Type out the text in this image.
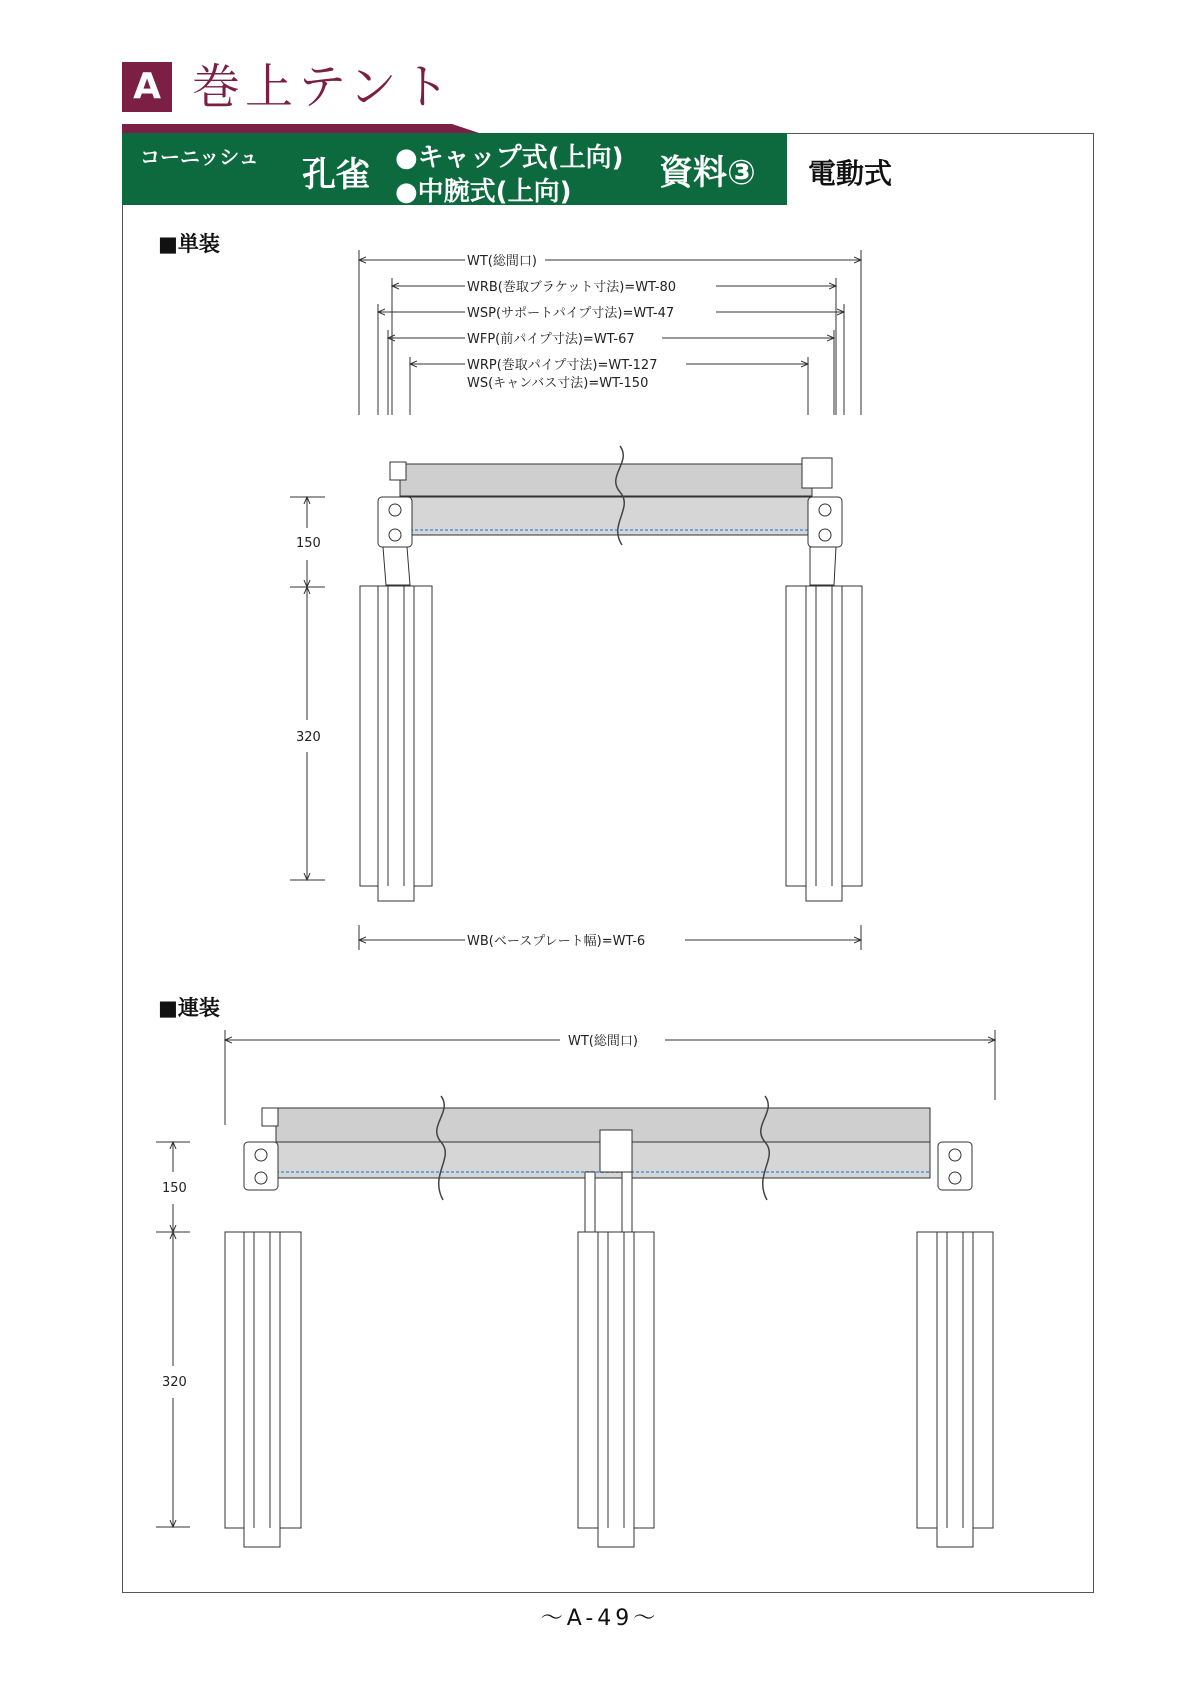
A 巻上テント
コーニッシュ 孔雀 ●キャップ式(上向)
●中腕式(上向)	資料③ 電動式
■単装
■連装
WT(総間口)
WRB(巻取ブラケット寸法)=WT-80
WSP(サポートパイプ寸法)=WT-47
WFP(前パイプ寸法)=WT-67
WRP(巻取パイプ寸法)=WT-127
WS(キャンバス寸法)=WT-150
WB(ベースプレート幅)=WT-6
150
320
WT(総間口)
150
320
～A-49～
